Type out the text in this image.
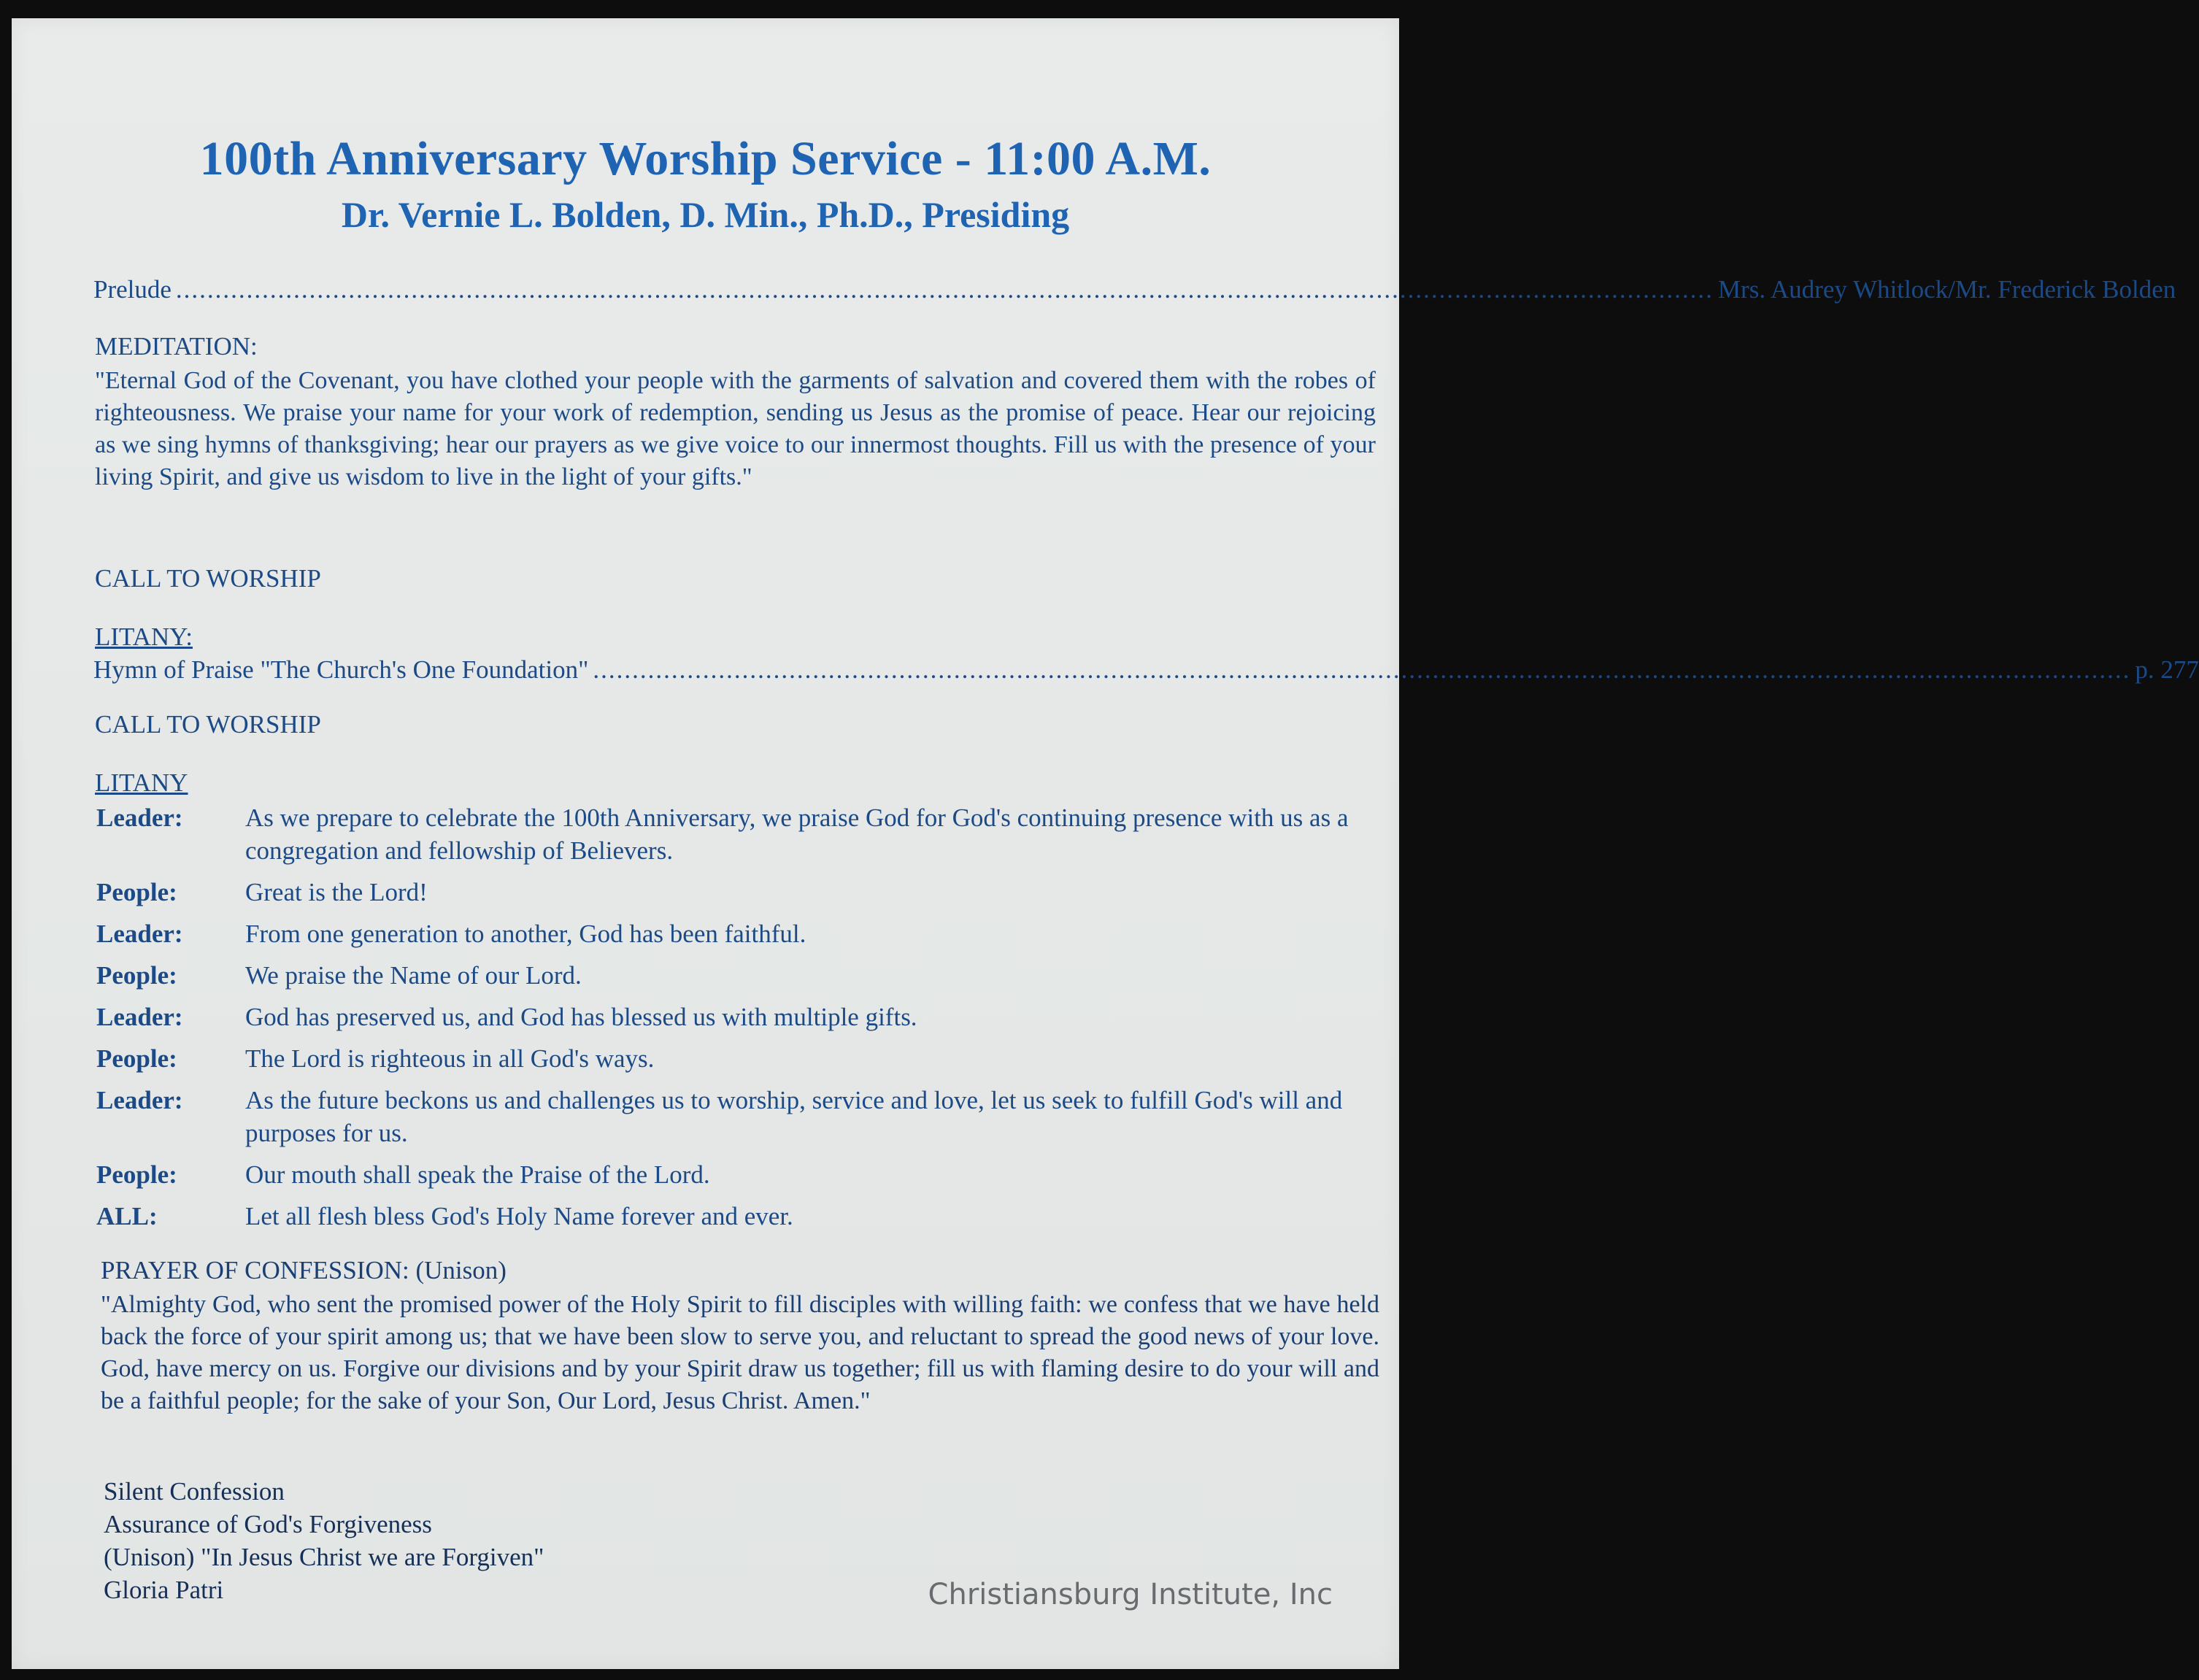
100th Anniversary Worship Service - 11:00 A.M.
Dr. Vernie L. Bolden, D. Min., Ph.D., Presiding
Prelude .................................................................................................................................................................................................... Mrs. Audrey Whitlock/Mr. Frederick Bolden
MEDITATION:
"Eternal God of the Covenant, you have clothed your people with the garments of salvation and covered them with the robes of righteousness. We praise your name for your work of redemption, sending us Jesus as the promise of peace. Hear our rejoicing as we sing hymns of thanksgiving; hear our prayers as we give voice to our innermost thoughts. Fill us with the presence of your living Spirit, and give us wisdom to live in the light of your gifts."
CALL TO WORSHIP
LITANY:
Hymn of Praise "The Church's One Foundation" .................................................................................................................................................................................................... p. 277
CALL TO WORSHIP
LITANY
Leader:	As we prepare to celebrate the 100th Anniversary, we praise God for God's continuing presence with us as a congregation and fellowship of Believers.
People:	Great is the Lord!
Leader:	From one generation to another, God has been faithful.
People:	We praise the Name of our Lord.
Leader:	God has preserved us, and God has blessed us with multiple gifts.
People:	The Lord is righteous in all God's ways.
Leader:	As the future beckons us and challenges us to worship, service and love, let us seek to fulfill God's will and purposes for us.
People:	Our mouth shall speak the Praise of the Lord.
ALL:	Let all flesh bless God's Holy Name forever and ever.
PRAYER OF CONFESSION: (Unison)
"Almighty God, who sent the promised power of the Holy Spirit to fill disciples with willing faith: we confess that we have held back the force of your spirit among us; that we have been slow to serve you, and reluctant to spread the good news of your love. God, have mercy on us. Forgive our divisions and by your Spirit draw us together; fill us with flaming desire to do your will and be a faithful people; for the sake of your Son, Our Lord, Jesus Christ. Amen."
Silent Confession
Assurance of God's Forgiveness
(Unison) "In Jesus Christ we are Forgiven"
Gloria Patri	Christiansburg Institute, Inc
